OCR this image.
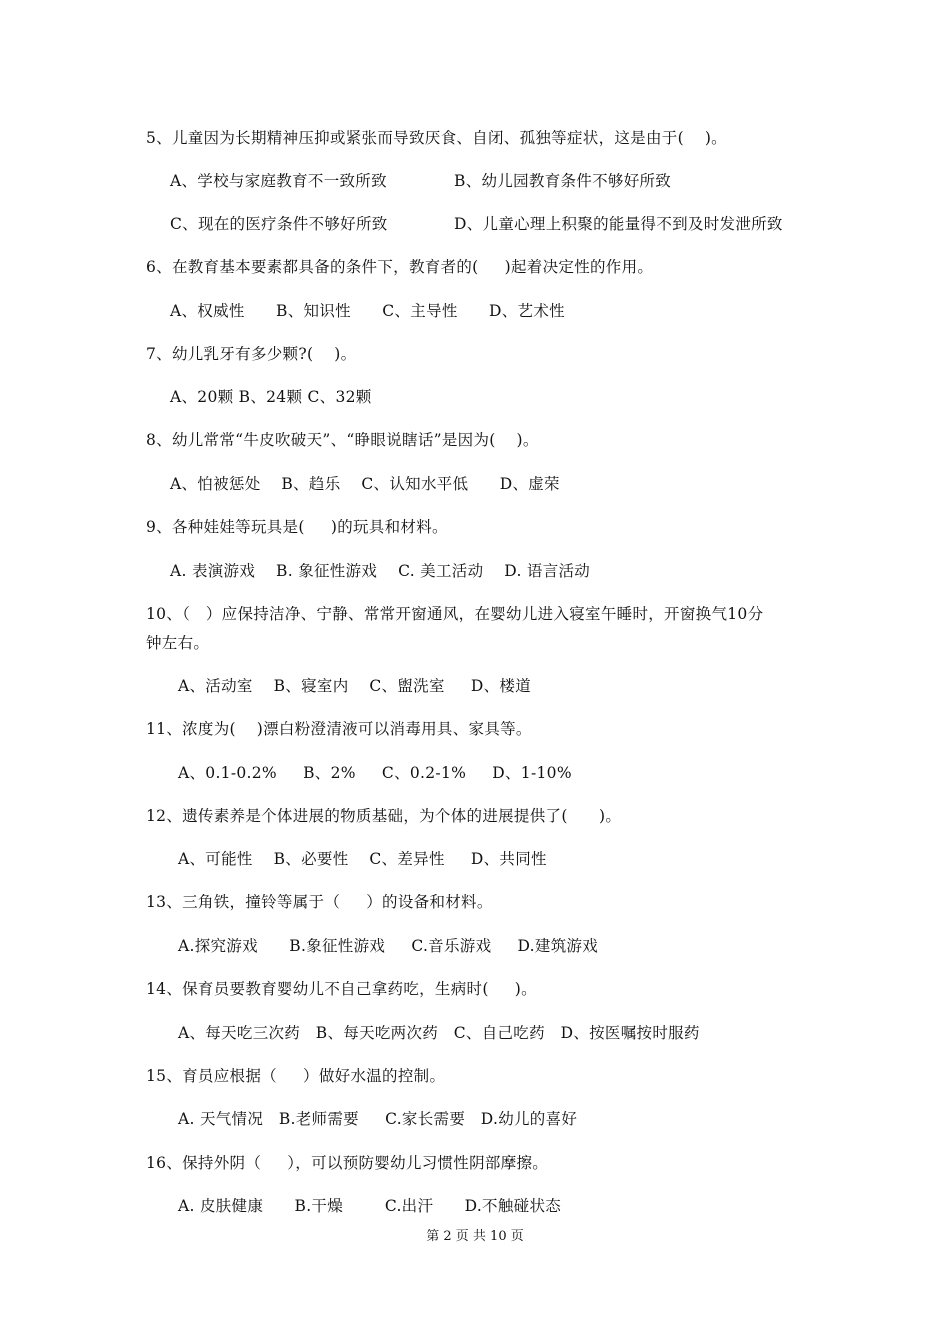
5、儿童因为长期精神压抑或紧张而导致厌食、自闭、孤独等症状，这是由于(    )。
A、学校与家庭教育不一致所致	B、幼儿园教育条件不够好所致
C、现在的医疗条件不够好所致	D、儿童心理上积聚的能量得不到及时发泄所致
6、在教育基本要素都具备的条件下，教育者的(     )起着决定性的作用。
A、权威性      B、知识性      C、主导性      D、艺术性
7、幼儿乳牙有多少颗?(    )。
A、20颗 B、24颗 C、32颗
8、幼儿常常“牛皮吹破天”、“睁眼说瞎话”是因为(    )。
A、怕被惩处    B、趋乐    C、认知水平低      D、虚荣
9、各种娃娃等玩具是(     )的玩具和材料。
A. 表演游戏    B. 象征性游戏    C. 美工活动    D. 语言活动
10、（   ）应保持洁净、宁静、常常开窗通风，在婴幼儿进入寝室午睡时，开窗换气10分
钟左右。
A、活动室    B、寝室内    C、盥洗室     D、楼道
11、浓度为(    )漂白粉澄清液可以消毒用具、家具等。
A、0.1-0.2%     B、2%     C、0.2-1%     D、1-10%
12、遗传素养是个体进展的物质基础，为个体的进展提供了(      )。
A、可能性    B、必要性    C、差异性     D、共同性
13、三角铁，撞铃等属于（     ）的设备和材料。
A.探究游戏      B.象征性游戏     C.音乐游戏     D.建筑游戏
14、保育员要教育婴幼儿不自己拿药吃，生病时(     )。
A、每天吃三次药   B、每天吃两次药   C、自己吃药   D、按医嘱按时服药
15、育员应根据（     ）做好水温的控制。
A. 天气情况   B.老师需要     C.家长需要   D.幼儿的喜好
16、保持外阴（     ），可以预防婴幼儿习惯性阴部摩擦。
A. 皮肤健康      B.干燥        C.出汗      D.不触碰状态
第 2 页 共 10 页
